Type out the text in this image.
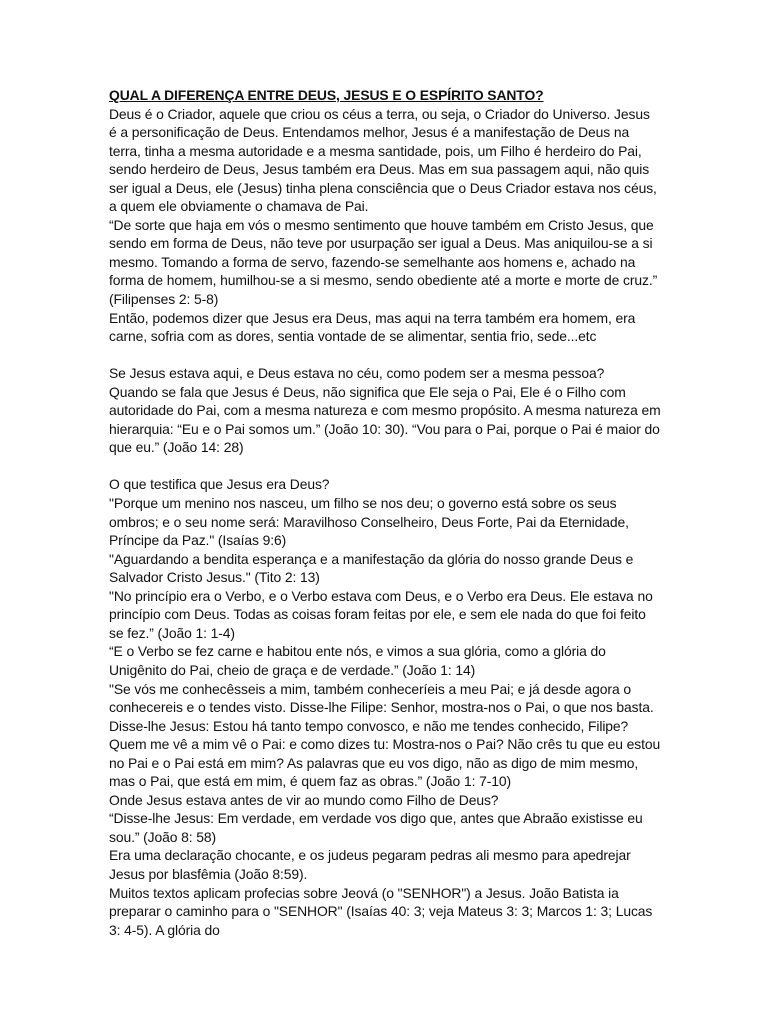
QUAL A DIFERENÇA ENTRE DEUS, JESUS E O ESPÍRITO SANTO?

Deus é o Criador, aquele que criou os céus a terra, ou seja, o Criador do Universo. Jesus é a personificação de Deus. Entendamos melhor, Jesus é a manifestação de Deus na terra, tinha a mesma autoridade e a mesma santidade, pois, um Filho é herdeiro do Pai, sendo herdeiro de Deus, Jesus também era Deus. Mas em sua passagem aqui, não quis ser igual a Deus, ele (Jesus) tinha plena consciência que o Deus Criador estava nos céus, a quem ele obviamente o chamava de Pai.

“De sorte que haja em vós o mesmo sentimento que houve também em Cristo Jesus, que sendo em forma de Deus, não teve por usurpação ser igual a Deus. Mas aniquilou-se a si mesmo. Tomando a forma de servo, fazendo-se semelhante aos homens e, achado na forma de homem, humilhou-se a si mesmo, sendo obediente até a morte e morte de cruz.”

(Filipenses 2: 5-8)

Então, podemos dizer que Jesus era Deus, mas aqui na terra também era homem, era carne, sofria com as dores, sentia vontade de se alimentar, sentia frio, sede...etc

Se Jesus estava aqui, e Deus estava no céu, como podem ser a mesma pessoa?

Quando se fala que Jesus é Deus, não significa que Ele seja o Pai, Ele é o Filho com autoridade do Pai, com a mesma natureza e com mesmo propósito. A mesma natureza em hierarquia: “Eu e o Pai somos um.” (João 10: 30). “Vou para o Pai, porque o Pai é maior do que eu.” (João 14: 28)

O que testifica que Jesus era Deus?

"Porque um menino nos nasceu, um filho se nos deu; o governo está sobre os seus ombros; e o seu nome será: Maravilhoso Conselheiro, Deus Forte, Pai da Eternidade, Príncipe da Paz." (Isaías 9:6)

"Aguardando a bendita esperança e a manifestação da glória do nosso grande Deus e Salvador Cristo Jesus." (Tito 2: 13)

"No princípio era o Verbo, e o Verbo estava com Deus, e o Verbo era Deus. Ele estava no princípio com Deus. Todas as coisas foram feitas por ele, e sem ele nada do que foi feito se fez.” (João 1: 1-4)

“E o Verbo se fez carne e habitou ente nós, e vimos a sua glória, como a glória do Unigênito do Pai, cheio de graça e de verdade.” (João 1: 14)

"Se vós me conhecêsseis a mim, também conheceríeis a meu Pai; e já desde agora o conhecereis e o tendes visto. Disse-lhe Filipe: Senhor, mostra-nos o Pai, o que nos basta. Disse-lhe Jesus: Estou há tanto tempo convosco, e não me tendes conhecido, Filipe? Quem me vê a mim vê o Pai: e como dizes tu: Mostra-nos o Pai? Não crês tu que eu estou no Pai e o Pai está em mim? As palavras que eu vos digo, não as digo de mim mesmo, mas o Pai, que está em mim, é quem faz as obras.” (João 1: 7-10)

Onde Jesus estava antes de vir ao mundo como Filho de Deus?

“Disse-lhe Jesus: Em verdade, em verdade vos digo que, antes que Abraão existisse eu sou.” (João 8: 58)

Era uma declaração chocante, e os judeus pegaram pedras ali mesmo para apedrejar Jesus por blasfêmia (João 8:59).

Muitos textos aplicam profecias sobre Jeová (o "SENHOR") a Jesus. João Batista ia preparar o caminho para o "SENHOR" (Isaías 40: 3; veja Mateus 3: 3; Marcos 1: 3; Lucas 3: 4-5). A glória do
